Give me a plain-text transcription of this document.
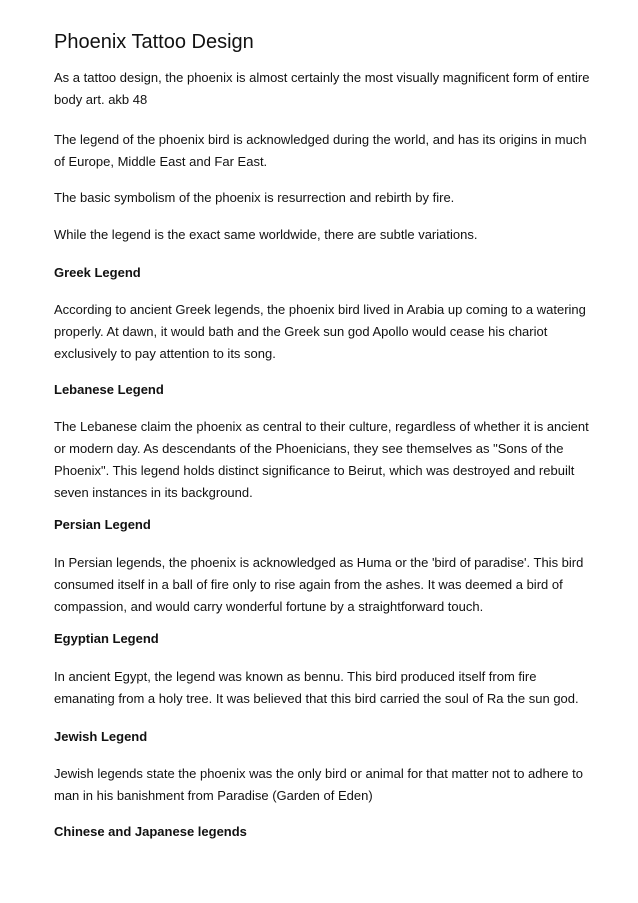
Phoenix Tattoo Design

As a tattoo design, the phoenix is almost certainly the most visually magnificent form of entire body art. akb 48

The legend of the phoenix bird is acknowledged during the world, and has its origins in much of Europe, Middle East and Far East.

The basic symbolism of the phoenix is resurrection and rebirth by fire.

While the legend is the exact same worldwide, there are subtle variations.

Greek Legend

According to ancient Greek legends, the phoenix bird lived in Arabia up coming to a watering properly. At dawn, it would bath and the Greek sun god Apollo would cease his chariot exclusively to pay attention to its song.

Lebanese Legend

The Lebanese claim the phoenix as central to their culture, regardless of whether it is ancient or modern day. As descendants of the Phoenicians, they see themselves as "Sons of the Phoenix". This legend holds distinct significance to Beirut, which was destroyed and rebuilt seven instances in its background.

Persian Legend

In Persian legends, the phoenix is acknowledged as Huma or the 'bird of paradise'. This bird consumed itself in a ball of fire only to rise again from the ashes. It was deemed a bird of compassion, and would carry wonderful fortune by a straightforward touch.

Egyptian Legend

In ancient Egypt, the legend was known as bennu. This bird produced itself from fire emanating from a holy tree. It was believed that this bird carried the soul of Ra the sun god.

Jewish Legend

Jewish legends state the phoenix was the only bird or animal for that matter not to adhere to man in his banishment from Paradise (Garden of Eden)

Chinese and Japanese legends
